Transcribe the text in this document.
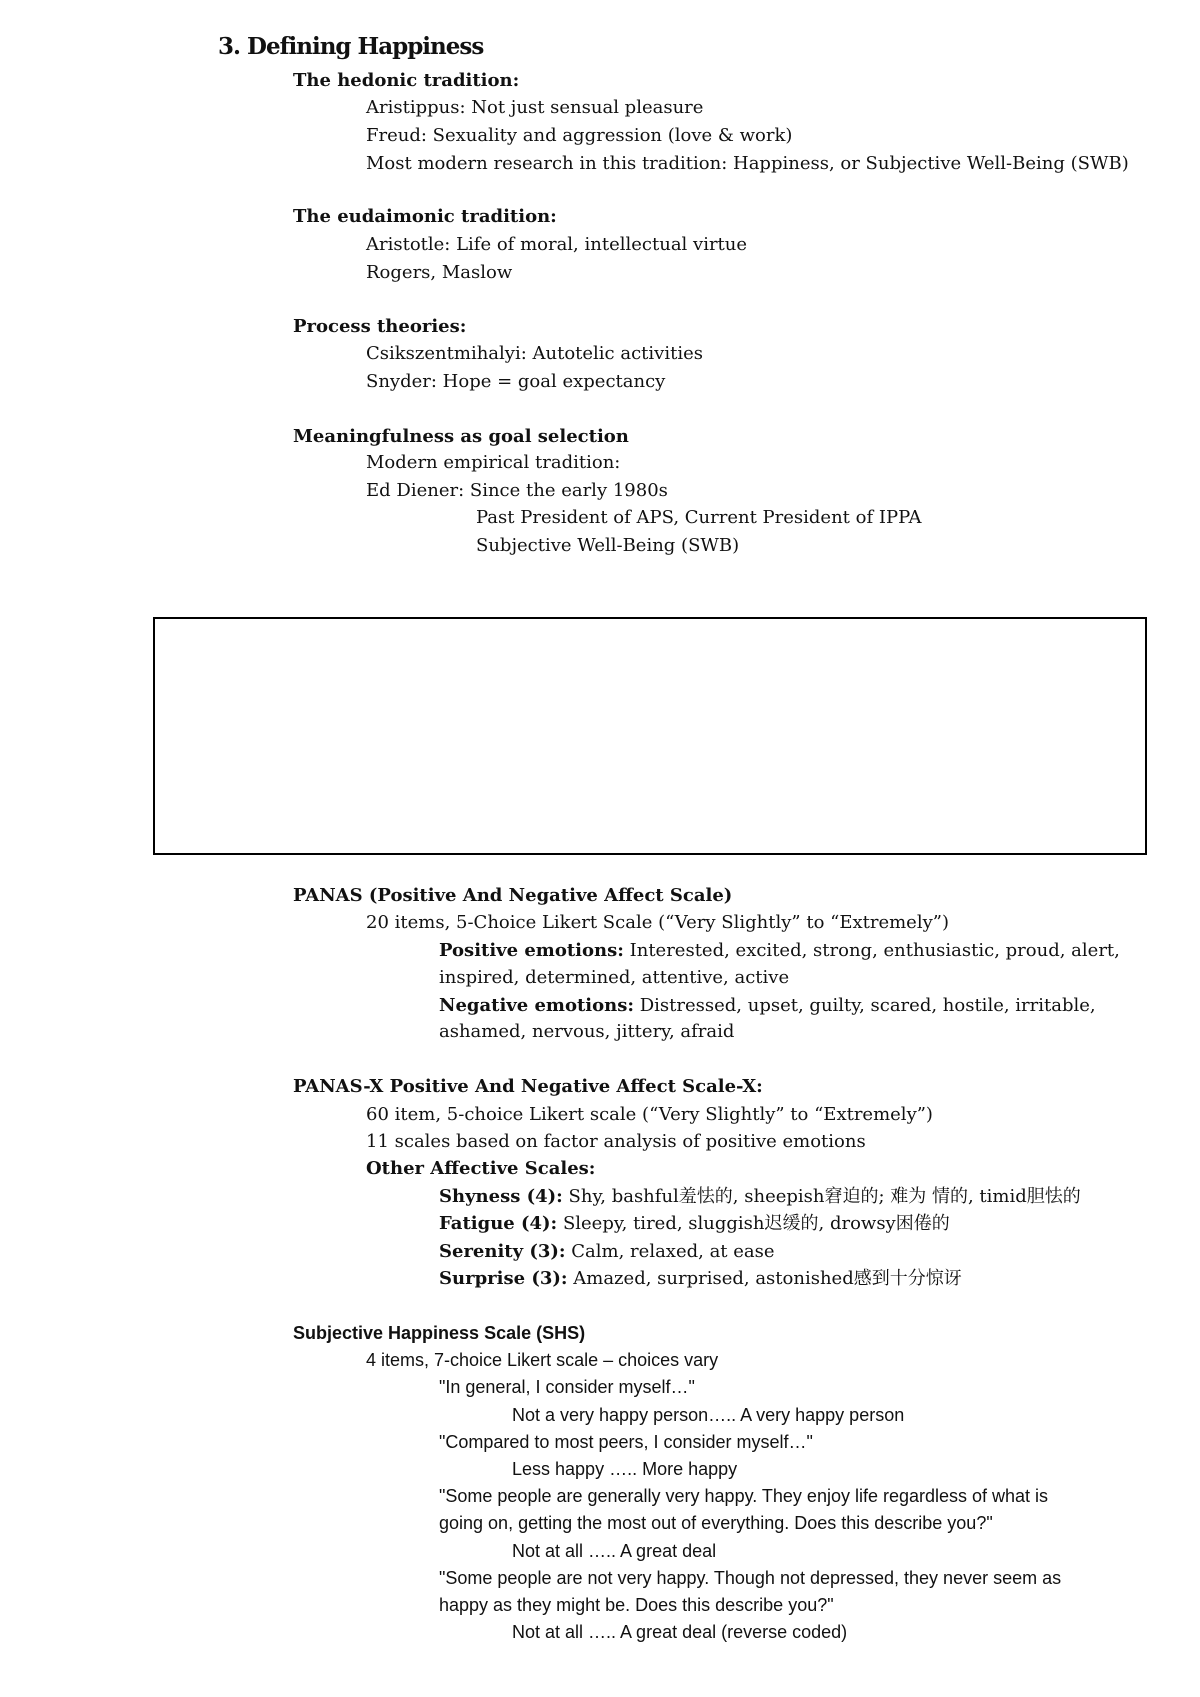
3. Defining Happiness
The hedonic tradition:
Aristippus: Not just sensual pleasure
Freud: Sexuality and aggression (love & work)
Most modern research in this tradition: Happiness, or Subjective Well-Being (SWB)
The eudaimonic tradition:
Aristotle: Life of moral, intellectual virtue
Rogers, Maslow
Process theories:
Csikszentmihalyi: Autotelic activities
Snyder: Hope = goal expectancy
Meaningfulness as goal selection
Modern empirical tradition:
Ed Diener: Since the early 1980s
Past President of APS, Current President of IPPA
Subjective Well-Being (SWB)
PANAS (Positive And Negative Affect Scale)
20 items, 5-Choice Likert Scale (“Very Slightly” to “Extremely”)
Positive emotions: Interested, excited, strong, enthusiastic, proud, alert,
inspired, determined, attentive, active
Negative emotions: Distressed, upset, guilty, scared, hostile, irritable,
ashamed, nervous, jittery, afraid
PANAS-X Positive And Negative Affect Scale-X:
60 item, 5-choice Likert scale (“Very Slightly” to “Extremely”)
11 scales based on factor analysis of positive emotions
Other Affective Scales:
Shyness (4): Shy, bashful羞怯的, sheepish窘迫的; 难为 情的, timid胆怯的
Fatigue (4): Sleepy, tired, sluggish迟缓的, drowsy困倦的
Serenity (3): Calm, relaxed, at ease
Surprise (3): Amazed, surprised, astonished感到十分惊讶
Subjective Happiness Scale (SHS)
4 items, 7-choice Likert scale – choices vary
"In general, I consider myself…"
Not a very happy person….. A very happy person
"Compared to most peers, I consider myself…"
Less happy ….. More happy
"Some people are generally very happy. They enjoy life regardless of what is
going on, getting the most out of everything. Does this describe you?"
Not at all ….. A great deal
"Some people are not very happy. Though not depressed, they never seem as
happy as they might be. Does this describe you?"
Not at all ….. A great deal (reverse coded)
